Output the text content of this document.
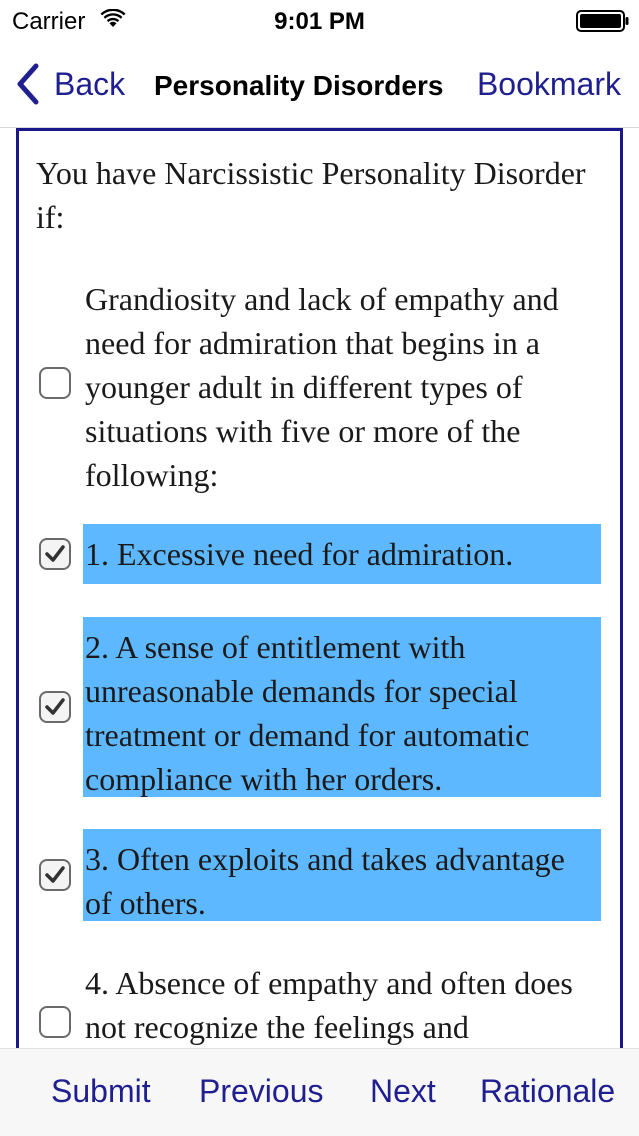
Carrier	9:01 PM
Back Personality Disorders Bookmark
You have Narcissistic Personality Disorder if:
Grandiosity and lack of empathy and need for admiration that begins in a younger adult in different types of situations with five or more of the following:
1. Excessive need for admiration.
2. A sense of entitlement with unreasonable demands for special treatment or demand for automatic compliance with her orders.
3. Often exploits and takes advantage of others.
4. Absence of empathy and often does not recognize the feelings and
Submit Previous Next Rationale
